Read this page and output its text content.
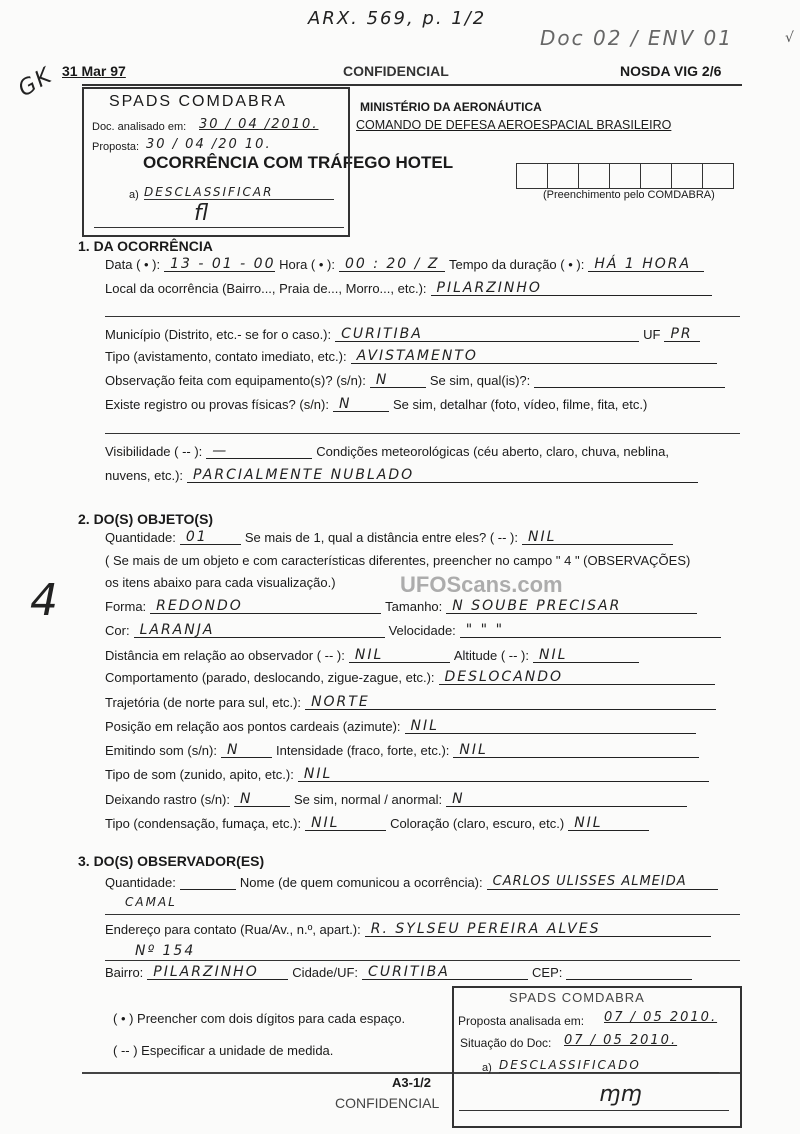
ARX. 569, p. 1/2
Doc 02 / ENV 01	√
GK
4
31 Mar 97	CONFIDENCIAL	NOSDA VIG 2/6
MINISTÉRIO DA AERONÁUTICA
COMANDO DE DEFESA AEROESPACIAL BRASILEIRO
OCORRÊNCIA COM TRÁFEGO HOTEL
(Preenchimento pelo COMDABRA)
SPADS COMDABRA
Doc. analisado em: 30 / 04 /2010.
Proposta: 30 / 04 /20 10.
a) DESCLASSIFICAR
ﬂ
1. DA OCORRÊNCIA
Data ( • ): 13 - 01 - 00 Hora ( • ): 00 : 20 / Z Tempo da duração ( • ): HÁ 1 HORA
Local da ocorrência (Bairro..., Praia de..., Morro..., etc.): PILARZINHO
Município (Distrito, etc.- se for o caso.): CURITIBA	UF PR
Tipo (avistamento, contato imediato, etc.): AVISTAMENTO
Observação feita com equipamento(s)? (s/n): N	Se sim, qual(is)?:
Existe registro ou provas físicas? (s/n): N	Se sim, detalhar (foto, vídeo, filme, fita, etc.)
Visibilidade ( -- ): —	Condições meteorológicas (céu aberto, claro, chuva, neblina,
nuvens, etc.): PARCIALMENTE NUBLADO
2. DO(S) OBJETO(S)
Quantidade: 01	Se mais de 1, qual a distância entre eles? ( -- ): NIL
( Se mais de um objeto e com características diferentes, preencher no campo " 4 " (OBSERVAÇÕES)
os itens abaixo para cada visualização.)	UFOScans.com
Forma: REDONDO	Tamanho: N SOUBE PRECISAR
Cor: LARANJA	Velocidade: " " "
Distância em relação ao observador ( -- ): NIL	Altitude ( -- ): NIL
Comportamento (parado, deslocando, zigue-zague, etc.): DESLOCANDO
Trajetória (de norte para sul, etc.): NORTE
Posição em relação aos pontos cardeais (azimute): NIL
Emitindo som (s/n): N	Intensidade (fraco, forte, etc.): NIL
Tipo de som (zunido, apito, etc.): NIL
Deixando rastro (s/n): N	Se sim, normal / anormal: N
Tipo (condensação, fumaça, etc.): NIL	Coloração (claro, escuro, etc.) NIL
3. DO(S) OBSERVADOR(ES)
Quantidade:	Nome (de quem comunicou a ocorrência): CARLOS ULISSES ALMEIDA
CAMAL
Endereço para contato (Rua/Av., n.º, apart.): R. SYLSEU PEREIRA ALVES
Nº 154
Bairro: PILARZINHO	Cidade/UF: CURITIBA	CEP:
( • ) Preencher com dois dígitos para cada espaço.
( -- ) Especificar a unidade de medida.
A3-1/2
CONFIDENCIAL
SPADS COMDABRA
Proposta analisada em: 07 / 05 2010.
Situação do Doc: 07 / 05 2010.
a) DESCLASSIFICADO
ɱɱ
